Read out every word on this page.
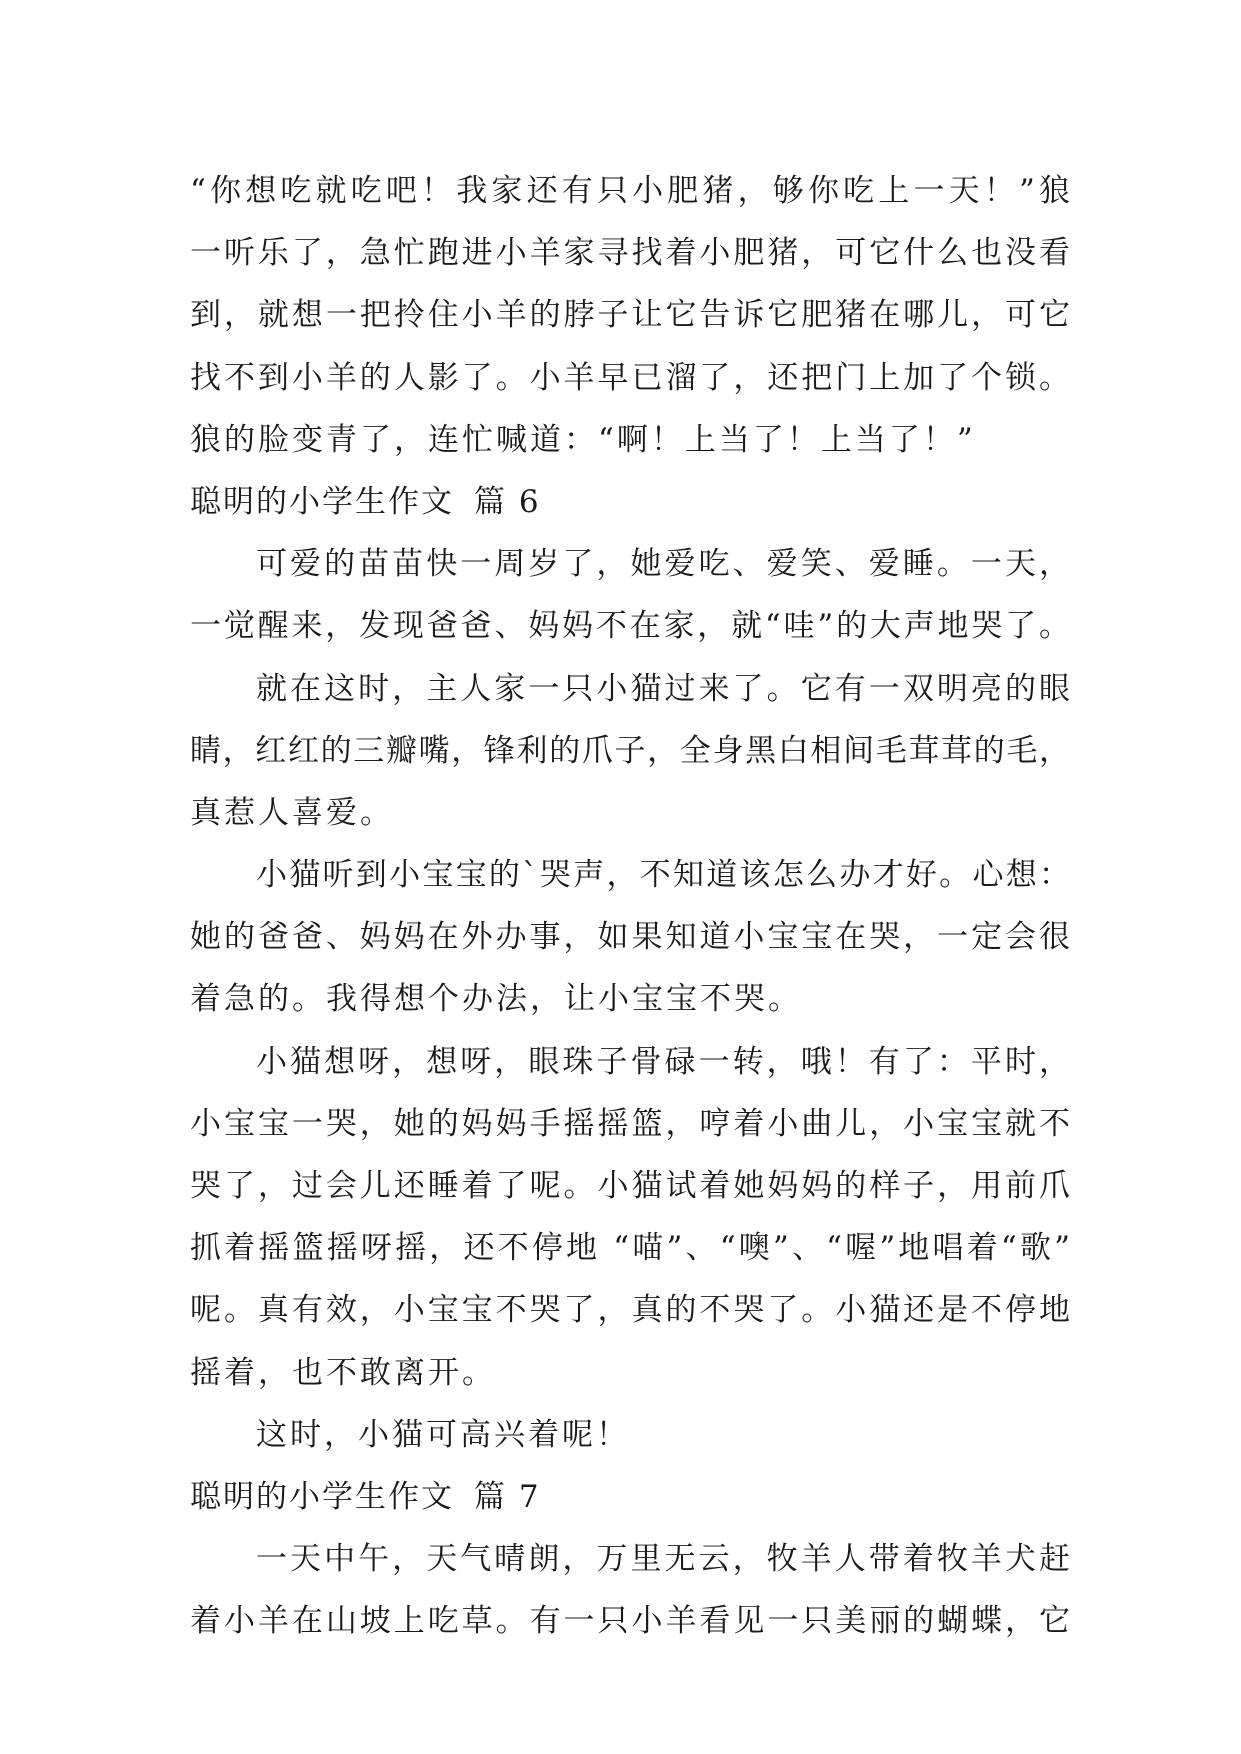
“你想吃就吃吧！我家还有只小肥猪，够你吃上一天！”狼
一听乐了，急忙跑进小羊家寻找着小肥猪，可它什么也没看
到，就想一把拎住小羊的脖子让它告诉它肥猪在哪儿，可它
找不到小羊的人影了。小羊早已溜了，还把门上加了个锁。
狼的脸变青了，连忙喊道：“啊！上当了！上当了！”
聪明的小学生作文 篇 6
可爱的苗苗快一周岁了，她爱吃、爱笑、爱睡。一天，
一觉醒来，发现爸爸、妈妈不在家，就“哇”的大声地哭了。
就在这时，主人家一只小猫过来了。它有一双明亮的眼
睛，红红的三瓣嘴，锋利的爪子，全身黑白相间毛茸茸的毛，
真惹人喜爱。
小猫听到小宝宝的`哭声，不知道该怎么办才好。心想：
她的爸爸、妈妈在外办事，如果知道小宝宝在哭，一定会很
着急的。我得想个办法，让小宝宝不哭。
小猫想呀，想呀，眼珠子骨碌一转，哦！有了：平时，
小宝宝一哭，她的妈妈手摇摇篮，哼着小曲儿，小宝宝就不
哭了，过会儿还睡着了呢。小猫试着她妈妈的样子，用前爪
抓着摇篮摇呀摇，还不停地 “喵”、“噢”、“喔”地唱着“歌”
呢。真有效，小宝宝不哭了，真的不哭了。小猫还是不停地
摇着，也不敢离开。
这时，小猫可高兴着呢！
聪明的小学生作文 篇 7
一天中午，天气晴朗，万里无云，牧羊人带着牧羊犬赶
着小羊在山坡上吃草。有一只小羊看见一只美丽的蝴蝶，它
